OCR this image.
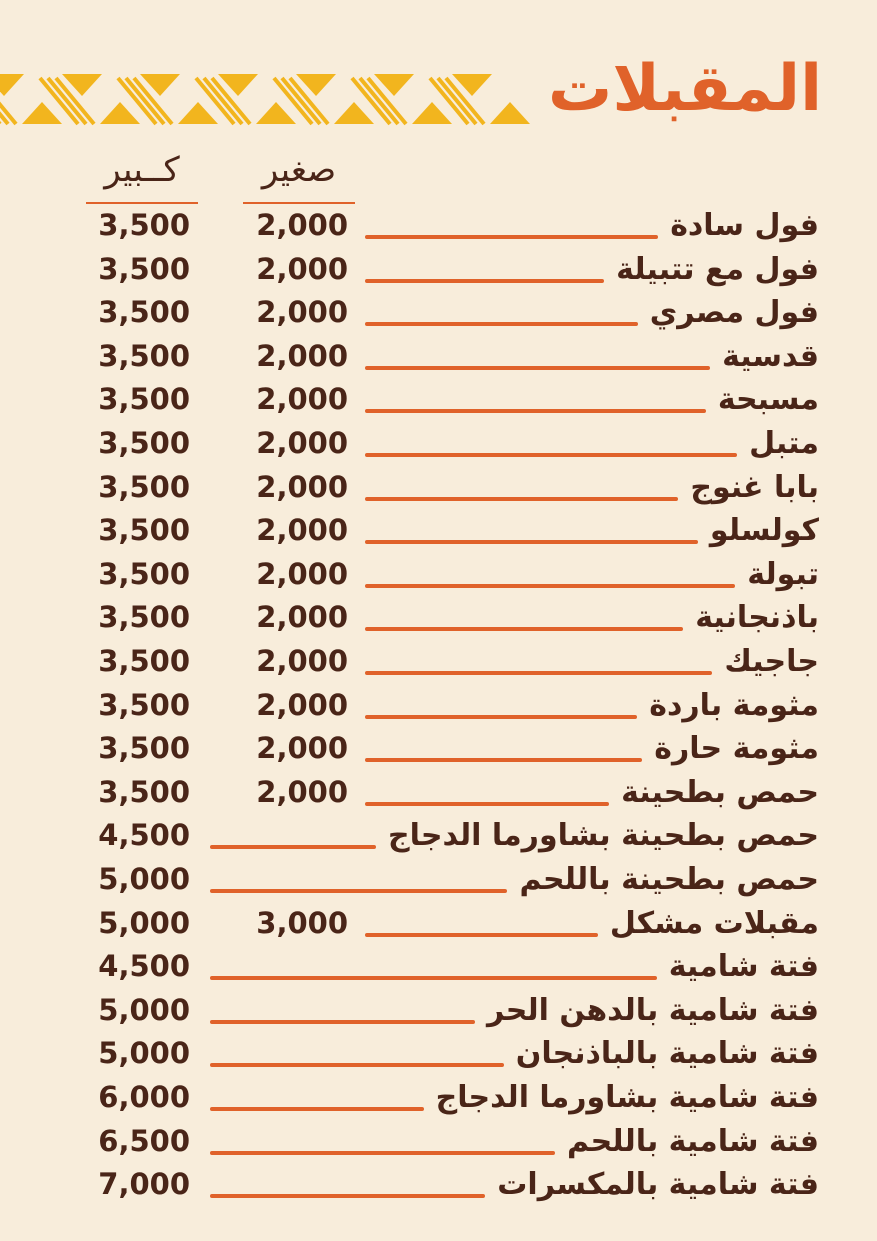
المقبلات
صغير
كــبير
فول سادة
2,000
3,500
فول مع تتبيلة
2,000
3,500
فول مصري
2,000
3,500
قدسية
2,000
3,500
مسبحة
2,000
3,500
متبل
2,000
3,500
بابا غنوج
2,000
3,500
كولسلو
2,000
3,500
تبولة
2,000
3,500
باذنجانية
2,000
3,500
جاجيك
2,000
3,500
مثومة باردة
2,000
3,500
مثومة حارة
2,000
3,500
حمص بطحينة
2,000
3,500
حمص بطحينة بشاورما الدجاج
4,500
حمص بطحينة باللحم
5,000
مقبلات مشكل
3,000
5,000
فتة شامية
4,500
فتة شامية بالدهن الحر
5,000
فتة شامية بالباذنجان
5,000
فتة شامية بشاورما الدجاج
6,000
فتة شامية باللحم
6,500
فتة شامية بالمكسرات
7,000
